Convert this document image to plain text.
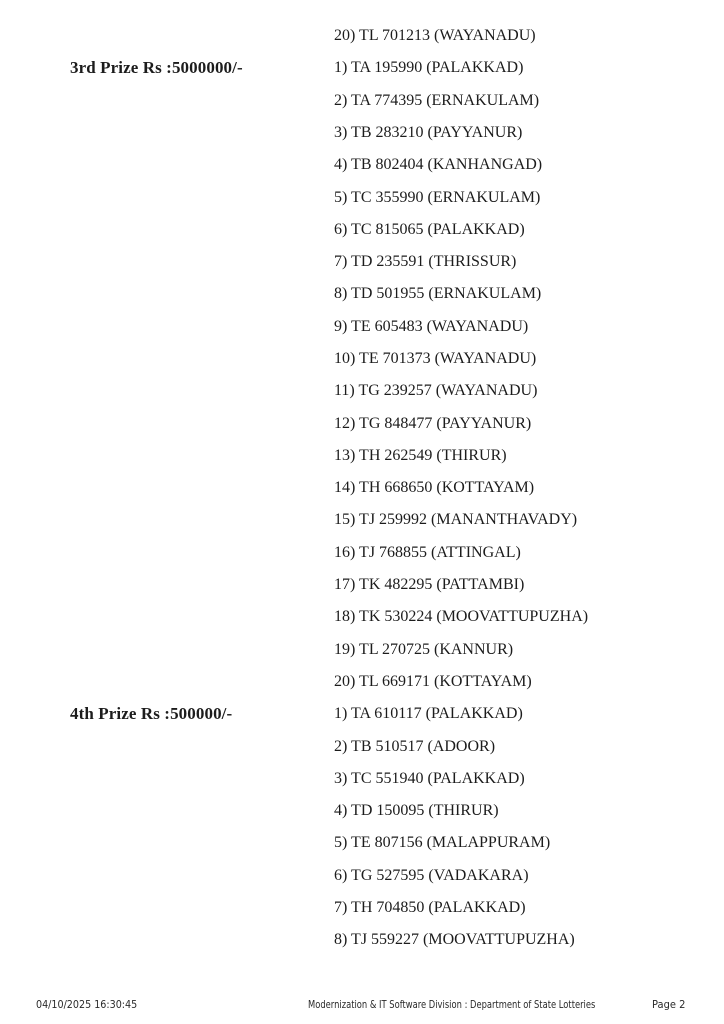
20) TL 701213 (WAYANADU)
3rd Prize Rs :5000000/-	1) TA 195990 (PALAKKAD)
2) TA 774395 (ERNAKULAM)
3) TB 283210 (PAYYANUR)
4) TB 802404 (KANHANGAD)
5) TC 355990 (ERNAKULAM)
6) TC 815065 (PALAKKAD)
7) TD 235591 (THRISSUR)
8) TD 501955 (ERNAKULAM)
9) TE 605483 (WAYANADU)
10) TE 701373 (WAYANADU)
11) TG 239257 (WAYANADU)
12) TG 848477 (PAYYANUR)
13) TH 262549 (THIRUR)
14) TH 668650 (KOTTAYAM)
15) TJ 259992 (MANANTHAVADY)
16) TJ 768855 (ATTINGAL)
17) TK 482295 (PATTAMBI)
18) TK 530224 (MOOVATTUPUZHA)
19) TL 270725 (KANNUR)
20) TL 669171 (KOTTAYAM)
4th Prize Rs :500000/-	1) TA 610117 (PALAKKAD)
2) TB 510517 (ADOOR)
3) TC 551940 (PALAKKAD)
4) TD 150095 (THIRUR)
5) TE 807156 (MALAPPURAM)
6) TG 527595 (VADAKARA)
7) TH 704850 (PALAKKAD)
8) TJ 559227 (MOOVATTUPUZHA)
04/10/2025 16:30:45	Modernization & IT Software Division : Department of State Lotteries	Page 2
